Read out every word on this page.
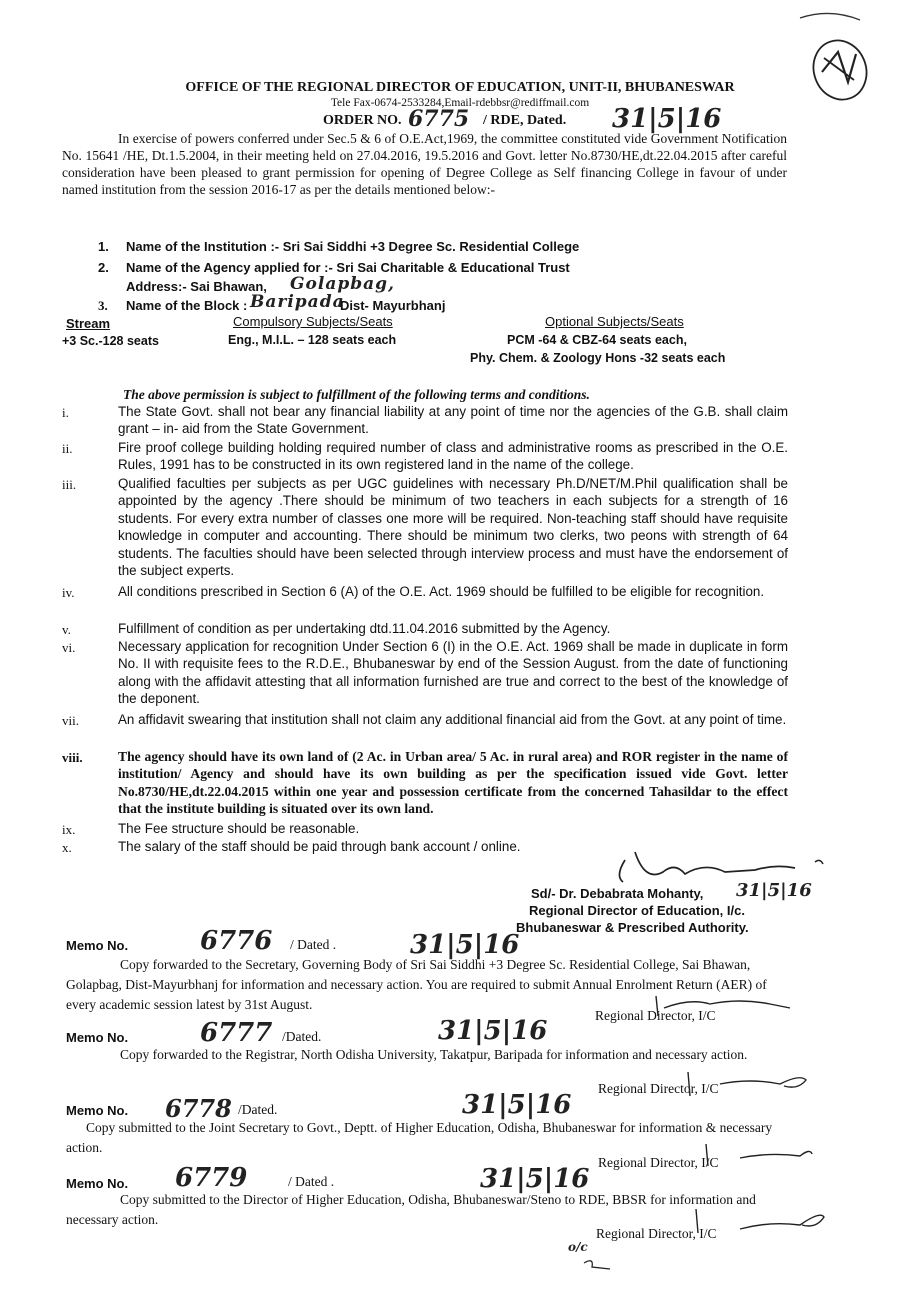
OFFICE OF THE REGIONAL DIRECTOR OF EDUCATION, UNIT-II, BHUBANESWAR
Tele Fax-0674-2533284,Email-rdebbsr@rediffmail.com
ORDER NO. 6775 / RDE, Dated. 31|5|16
In exercise of powers conferred under Sec.5 & 6 of O.E.Act,1969, the committee constituted vide Government Notification No. 15641 /HE, Dt.1.5.2004, in their meeting held on 27.04.2016, 19.5.2016 and Govt. letter No.8730/HE,dt.22.04.2015 after careful consideration have been pleased to grant permission for opening of Degree College as Self financing College in favour of under named institution from the session 2016-17 as per the details mentioned below:-
1. Name of the Institution :- Sri Sai Siddhi +3 Degree Sc. Residential College
2. Name of the Agency applied for :- Sri Sai Charitable & Educational Trust
Address:- Sai Bhawan, Golapbag,
3. Name of the Block : Baripada
Dist- Mayurbhanj
Stream	Compulsory Subjects/Seats	Optional Subjects/Seats
+3 Sc.-128 seats	Eng., M.I.L. – 128 seats each	PCM -64 & CBZ-64 seats each,
Phy. Chem. & Zoology Hons -32 seats each
The above permission is subject to fulfillment of the following terms and conditions.
i.	The State Govt. shall not bear any financial liability at any point of time nor the agencies of the G.B. shall claim grant – in- aid from the State Government.
ii.	Fire proof college building holding required number of class and administrative rooms as prescribed in the O.E. Rules, 1991 has to be constructed in its own registered land in the name of the college.
iii.	Qualified faculties per subjects as per UGC guidelines with necessary Ph.D/NET/M.Phil qualification shall be appointed by the agency .There should be minimum of two teachers in each subjects for a strength of 16 students. For every extra number of classes one more will be required. Non-teaching staff should have requisite knowledge in computer and accounting. There should be minimum two clerks, two peons with strength of 64 students. The faculties should have been selected through interview process and must have the endorsement of the subject experts.
iv.	All conditions prescribed in Section 6 (A) of the O.E. Act. 1969 should be fulfilled to be eligible for recognition.
v.	Fulfillment of condition as per undertaking dtd.11.04.2016 submitted by the Agency.
vi.	Necessary application for recognition Under Section 6 (I) in the O.E. Act. 1969 shall be made in duplicate in form No. II with requisite fees to the R.D.E., Bhubaneswar by end of the Session August. from the date of functioning along with the affidavit attesting that all information furnished are true and correct to the best of the knowledge of the deponent.
vii.	An affidavit swearing that institution shall not claim any additional financial aid from the Govt. at any point of time.
viii.	The agency should have its own land of (2 Ac. in Urban area/ 5 Ac. in rural area) and ROR register in the name of institution/ Agency and should have its own building as per the specification issued vide Govt. letter No.8730/HE,dt.22.04.2015 within one year and possession certificate from the concerned Tahasildar to the effect that the institute building is situated over its own land.
ix.	The Fee structure should be reasonable.
x.	The salary of the staff should be paid through bank account / online.
Sd/- Dr. Debabrata Mohanty, 31|5|16
Regional Director of Education, I/c.
Bhubaneswar & Prescribed Authority.
Memo No.	6776 / Dated .	31|5|16
Copy forwarded to the Secretary, Governing Body of Sri Sai Siddhi +3 Degree Sc. Residential College, Sai Bhawan, Golapbag, Dist-Mayurbhanj for information and necessary action. You are required to submit Annual Enrolment Return (AER) of every academic session latest by 31st August.
Regional Director, I/C
Memo No.	6777 /Dated.	31|5|16
Copy forwarded to the Registrar, North Odisha University, Takatpur, Baripada for information and necessary action.
Regional Director, I/C
Memo No. 6778 /Dated.	31|5|16
Copy submitted to the Joint Secretary to Govt., Deptt. of Higher Education, Odisha, Bhubaneswar for information & necessary action.
Regional Director, I/C
Memo No. 6779	/ Dated .	31|5|16
Copy submitted to the Director of Higher Education, Odisha, Bhubaneswar/Steno to RDE, BBSR for information and necessary action.
Regional Director, I/C
o/c
